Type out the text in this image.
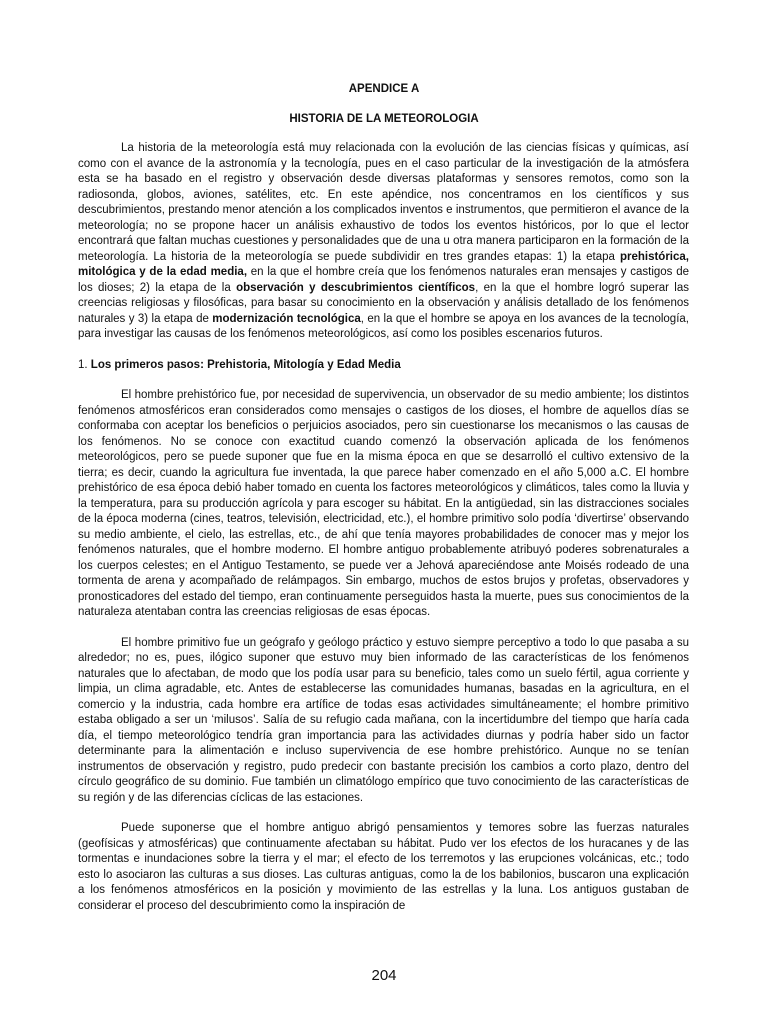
APENDICE A
HISTORIA DE LA METEOROLOGIA

La historia de la meteorología está muy relacionada con la evolución de las ciencias físicas y químicas, así como con el avance de la astronomía y la tecnología, pues en el caso particular de la investigación de la atmósfera esta se ha basado en el registro y observación desde diversas plataformas y sensores remotos, como son la radiosonda, globos, aviones, satélites, etc. En este apéndice, nos concentramos en los científicos y sus descubrimientos, prestando menor atención a los complicados inventos e instrumentos, que permitieron el avance de la meteorología; no se propone hacer un análisis exhaustivo de todos los eventos históricos, por lo que el lector encontrará que faltan muchas cuestiones y personalidades que de una u otra manera participaron en la formación de la meteorología. La historia de la meteorología se puede subdividir en tres grandes etapas: 1) la etapa prehistórica, mitológica y de la edad media, en la que el hombre creía que los fenómenos naturales eran mensajes y castigos de los dioses; 2) la etapa de la observación y descubrimientos científicos, en la que el hombre logró superar las creencias religiosas y filosóficas, para basar su conocimiento en la observación y análisis detallado de los fenómenos naturales y 3) la etapa de modernización tecnológica, en la que el hombre se apoya en los avances de la tecnología, para investigar las causas de los fenómenos meteorológicos, así como los posibles escenarios futuros.

1. Los primeros pasos: Prehistoria, Mitología y Edad Media

El hombre prehistórico fue, por necesidad de supervivencia, un observador de su medio ambiente; los distintos fenómenos atmosféricos eran considerados como mensajes o castigos de los dioses, el hombre de aquellos días se conformaba con aceptar los beneficios o perjuicios asociados, pero sin cuestionarse los mecanismos o las causas de los fenómenos. No se conoce con exactitud cuando comenzó la observación aplicada de los fenómenos meteorológicos, pero se puede suponer que fue en la misma época en que se desarrolló el cultivo extensivo de la tierra; es decir, cuando la agricultura fue inventada, la que parece haber comenzado en el año 5,000 a.C. El hombre prehistórico de esa época debió haber tomado en cuenta los factores meteorológicos y climáticos, tales como la lluvia y la temperatura, para su producción agrícola y para escoger su hábitat. En la antigüedad, sin las distracciones sociales de la época moderna (cines, teatros, televisión, electricidad, etc.), el hombre primitivo solo podía ‘divertirse’ observando su medio ambiente, el cielo, las estrellas, etc., de ahí que tenía mayores probabilidades de conocer mas y mejor los fenómenos naturales, que el hombre moderno. El hombre antiguo probablemente atribuyó poderes sobrenaturales a los cuerpos celestes; en el Antiguo Testamento, se puede ver a Jehová apareciéndose ante Moisés rodeado de una tormenta de arena y acompañado de relámpagos. Sin embargo, muchos de estos brujos y profetas, observadores y pronosticadores del estado del tiempo, eran continuamente perseguidos hasta la muerte, pues sus conocimientos de la naturaleza atentaban contra las creencias religiosas de esas épocas.

El hombre primitivo fue un geógrafo y geólogo práctico y estuvo siempre perceptivo a todo lo que pasaba a su alrededor; no es, pues, ilógico suponer que estuvo muy bien informado de las características de los fenómenos naturales que lo afectaban, de modo que los podía usar para su beneficio, tales como un suelo fértil, agua corriente y limpia, un clima agradable, etc. Antes de establecerse las comunidades humanas, basadas en la agricultura, en el comercio y la industria, cada hombre era artífice de todas esas actividades simultáneamente; el hombre primitivo estaba obligado a ser un ‘milusos’. Salía de su refugio cada mañana, con la incertidumbre del tiempo que haría cada día, el tiempo meteorológico tendría gran importancia para las actividades diurnas y podría haber sido un factor determinante para la alimentación e incluso supervivencia de ese hombre prehistórico. Aunque no se tenían instrumentos de observación y registro, pudo predecir con bastante precisión los cambios a corto plazo, dentro del círculo geográfico de su dominio. Fue también un climatólogo empírico que tuvo conocimiento de las características de su región y de las diferencias cíclicas de las estaciones.

Puede suponerse que el hombre antiguo abrigó pensamientos y temores sobre las fuerzas naturales (geofísicas y atmosféricas) que continuamente afectaban su hábitat. Pudo ver los efectos de los huracanes y de las tormentas e inundaciones sobre la tierra y el mar; el efecto de los terremotos y las erupciones volcánicas, etc.; todo esto lo asociaron las culturas a sus dioses. Las culturas antiguas, como la de los babilonios, buscaron una explicación a los fenómenos atmosféricos en la posición y movimiento de las estrellas y la luna. Los antiguos gustaban de considerar el proceso del descubrimiento como la inspiración de

204
